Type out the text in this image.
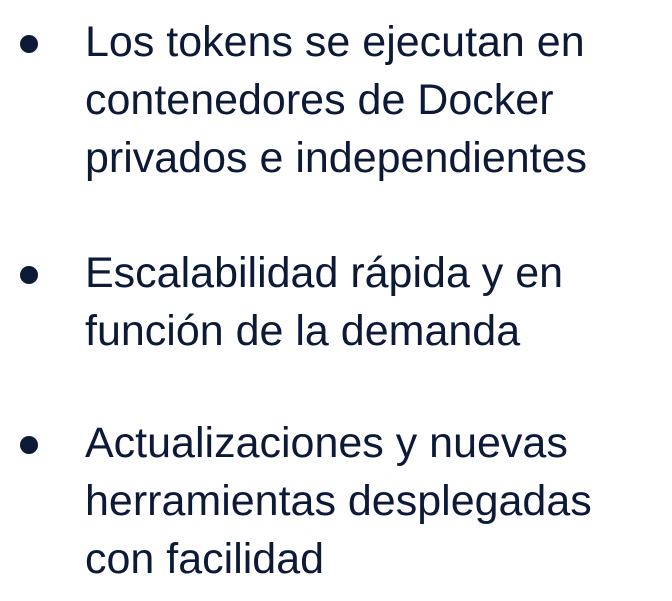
Los tokens se ejecutan en
contenedores de Docker
privados e independientes
Escalabilidad rápida y en
función de la demanda
Actualizaciones y nuevas
herramientas desplegadas
con facilidad
